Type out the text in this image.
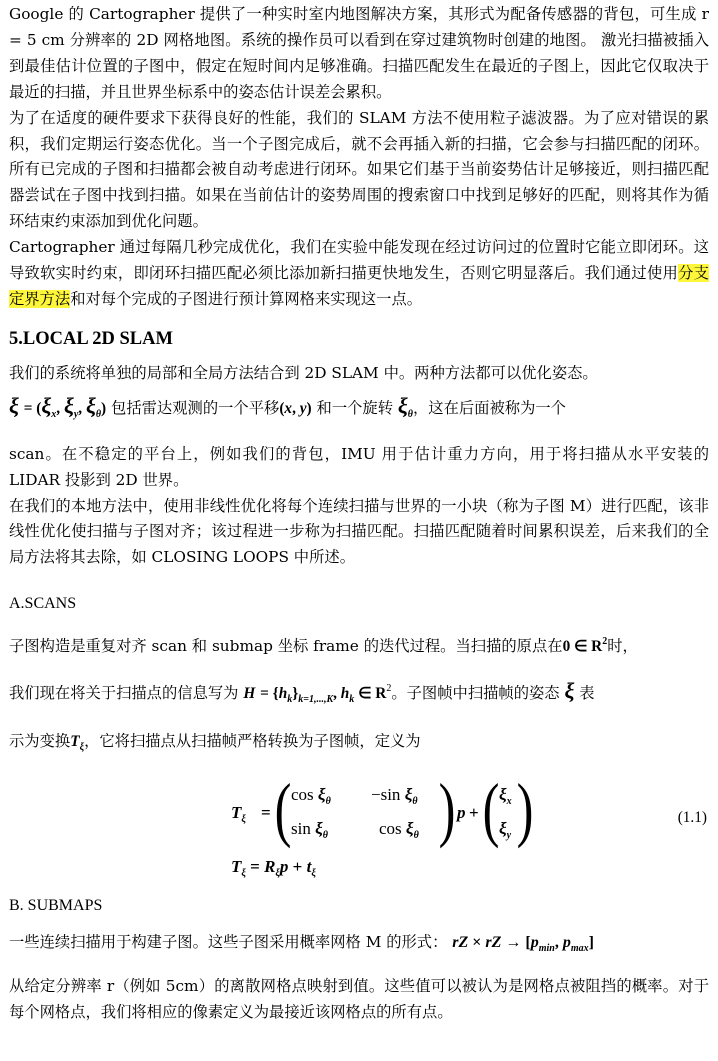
Google 的 Cartographer 提供了一种实时室内地图解决方案，其形式为配备传感器的背包，可生成 r = 5 cm 分辨率的 2D 网格地图。系统的操作员可以看到在穿过建筑物时创建的地图。 激光扫描被插入到最佳估计位置的子图中，假定在短时间内足够准确。扫描匹配发生在最近的子图上，因此它仅取决于最近的扫描，并且世界坐标系中的姿态估计误差会累积。

为了在适度的硬件要求下获得良好的性能，我们的 SLAM 方法不使用粒子滤波器。为了应对错误的累积，我们定期运行姿态优化。当一个子图完成后，就不会再插入新的扫描，它会参与扫描匹配的闭环。所有已完成的子图和扫描都会被自动考虑进行闭环。如果它们基于当前姿势估计足够接近，则扫描匹配器尝试在子图中找到扫描。如果在当前估计的姿势周围的搜索窗口中找到足够好的匹配，则将其作为循环结束约束添加到优化问题。

Cartographer 通过每隔几秒完成优化，我们在实验中能发现在经过访问过的位置时它能立即闭环。这导致软实时约束，即闭环扫描匹配必须比添加新扫描更快地发生，否则它明显落后。我们通过使用分支定界方法和对每个完成的子图进行预计算网格来实现这一点。

5.LOCAL 2D SLAM

我们的系统将单独的局部和全局方法结合到 2D SLAM 中。两种方法都可以优化姿态。

$\xi = (\xi_x$, $\xi_y$, $\xi_\theta$) 包括雷达观测的一个平移(x, y) 和一个旋转 $\xi_\theta$，这在后面被称为一个

scan。在不稳定的平台上，例如我们的背包，IMU 用于估计重力方向，用于将扫描从水平安装的 LIDAR 投影到 2D 世界。

在我们的本地方法中，使用非线性优化将每个连续扫描与世界的一小块（称为子图 M）进行匹配，该非线性优化使扫描与子图对齐；该过程进一步称为扫描匹配。扫描匹配随着时间累积误差，后来我们的全局方法将其去除，如 CLOSING LOOPS 中所述。

A.SCANS

子图构造是重复对齐 scan 和 submap 坐标 frame 的迭代过程。当扫描的原点在0 ∈ $R^2$时，

我们现在将关于扫描点的信息写为 $H = \{h_k\}_{k=1,...,K}$, $h_k$ ∈ $R^2$。子图帧中扫描帧的姿态 ξ 表

示为变换$T_\xi$，它将扫描点从扫描帧严格转换为子图帧，定义为

$T_\xi$ = ( $\cos \xi_\theta -\sin$ $\xi_\theta$
$\sin \xi_\theta$	$\cos \xi_\theta$ ) p + ( $\xi_x$
$\xi_y$ )
$T_\xi = R_\xi p + t_\xi$
(1.1)
B. SUBMAPS

一些连续扫描用于构建子图。这些子图采用概率网格 M 的形式： rZ × rZ → [$p_{min}$, $p_{max}$]

从给定分辨率 r（例如 5cm）的离散网格点映射到值。这些值可以被认为是网格点被阻挡的概率。对于每个网格点，我们将相应的像素定义为最接近该网格点的所有点。
